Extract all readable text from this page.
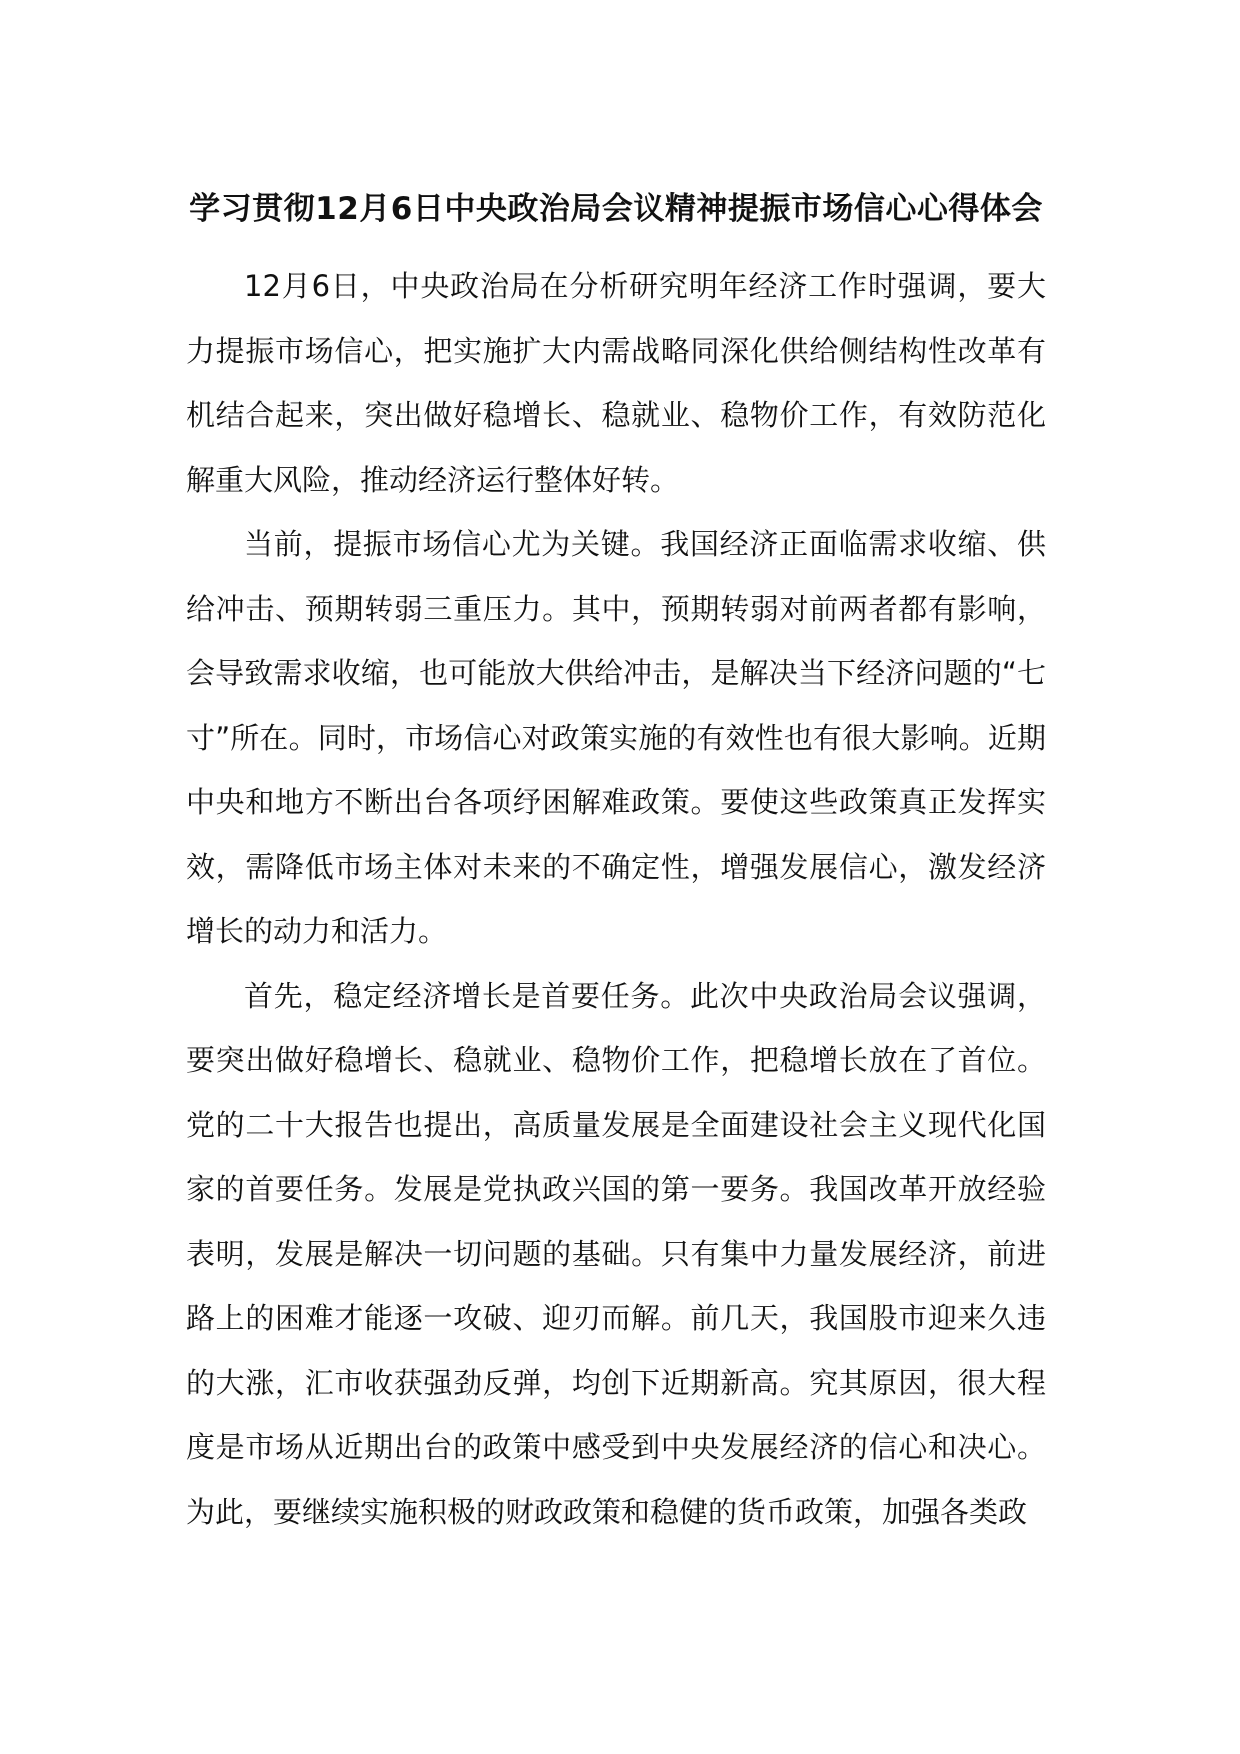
学习贯彻12月6日中央政治局会议精神提振市场信心心得体会

12月6日，中央政治局在分析研究明年经济工作时强调，要大力提振市场信心，把实施扩大内需战略同深化供给侧结构性改革有机结合起来，突出做好稳增长、稳就业、稳物价工作，有效防范化解重大风险，推动经济运行整体好转。

当前，提振市场信心尤为关键。我国经济正面临需求收缩、供给冲击、预期转弱三重压力。其中，预期转弱对前两者都有影响，会导致需求收缩，也可能放大供给冲击，是解决当下经济问题的“七寸”所在。同时，市场信心对政策实施的有效性也有很大影响。近期中央和地方不断出台各项纾困解难政策。要使这些政策真正发挥实效，需降低市场主体对未来的不确定性，增强发展信心，激发经济增长的动力和活力。

首先，稳定经济增长是首要任务。此次中央政治局会议强调，要突出做好稳增长、稳就业、稳物价工作，把稳增长放在了首位。党的二十大报告也提出，高质量发展是全面建设社会主义现代化国家的首要任务。发展是党执政兴国的第一要务。我国改革开放经验表明，发展是解决一切问题的基础。只有集中力量发展经济，前进路上的困难才能逐一攻破、迎刃而解。前几天，我国股市迎来久违的大涨，汇市收获强劲反弹，均创下近期新高。究其原因，很大程度是市场从近期出台的政策中感受到中央发展经济的信心和决心。为此，要继续实施积极的财政政策和稳健的货币政策，加强各类政
